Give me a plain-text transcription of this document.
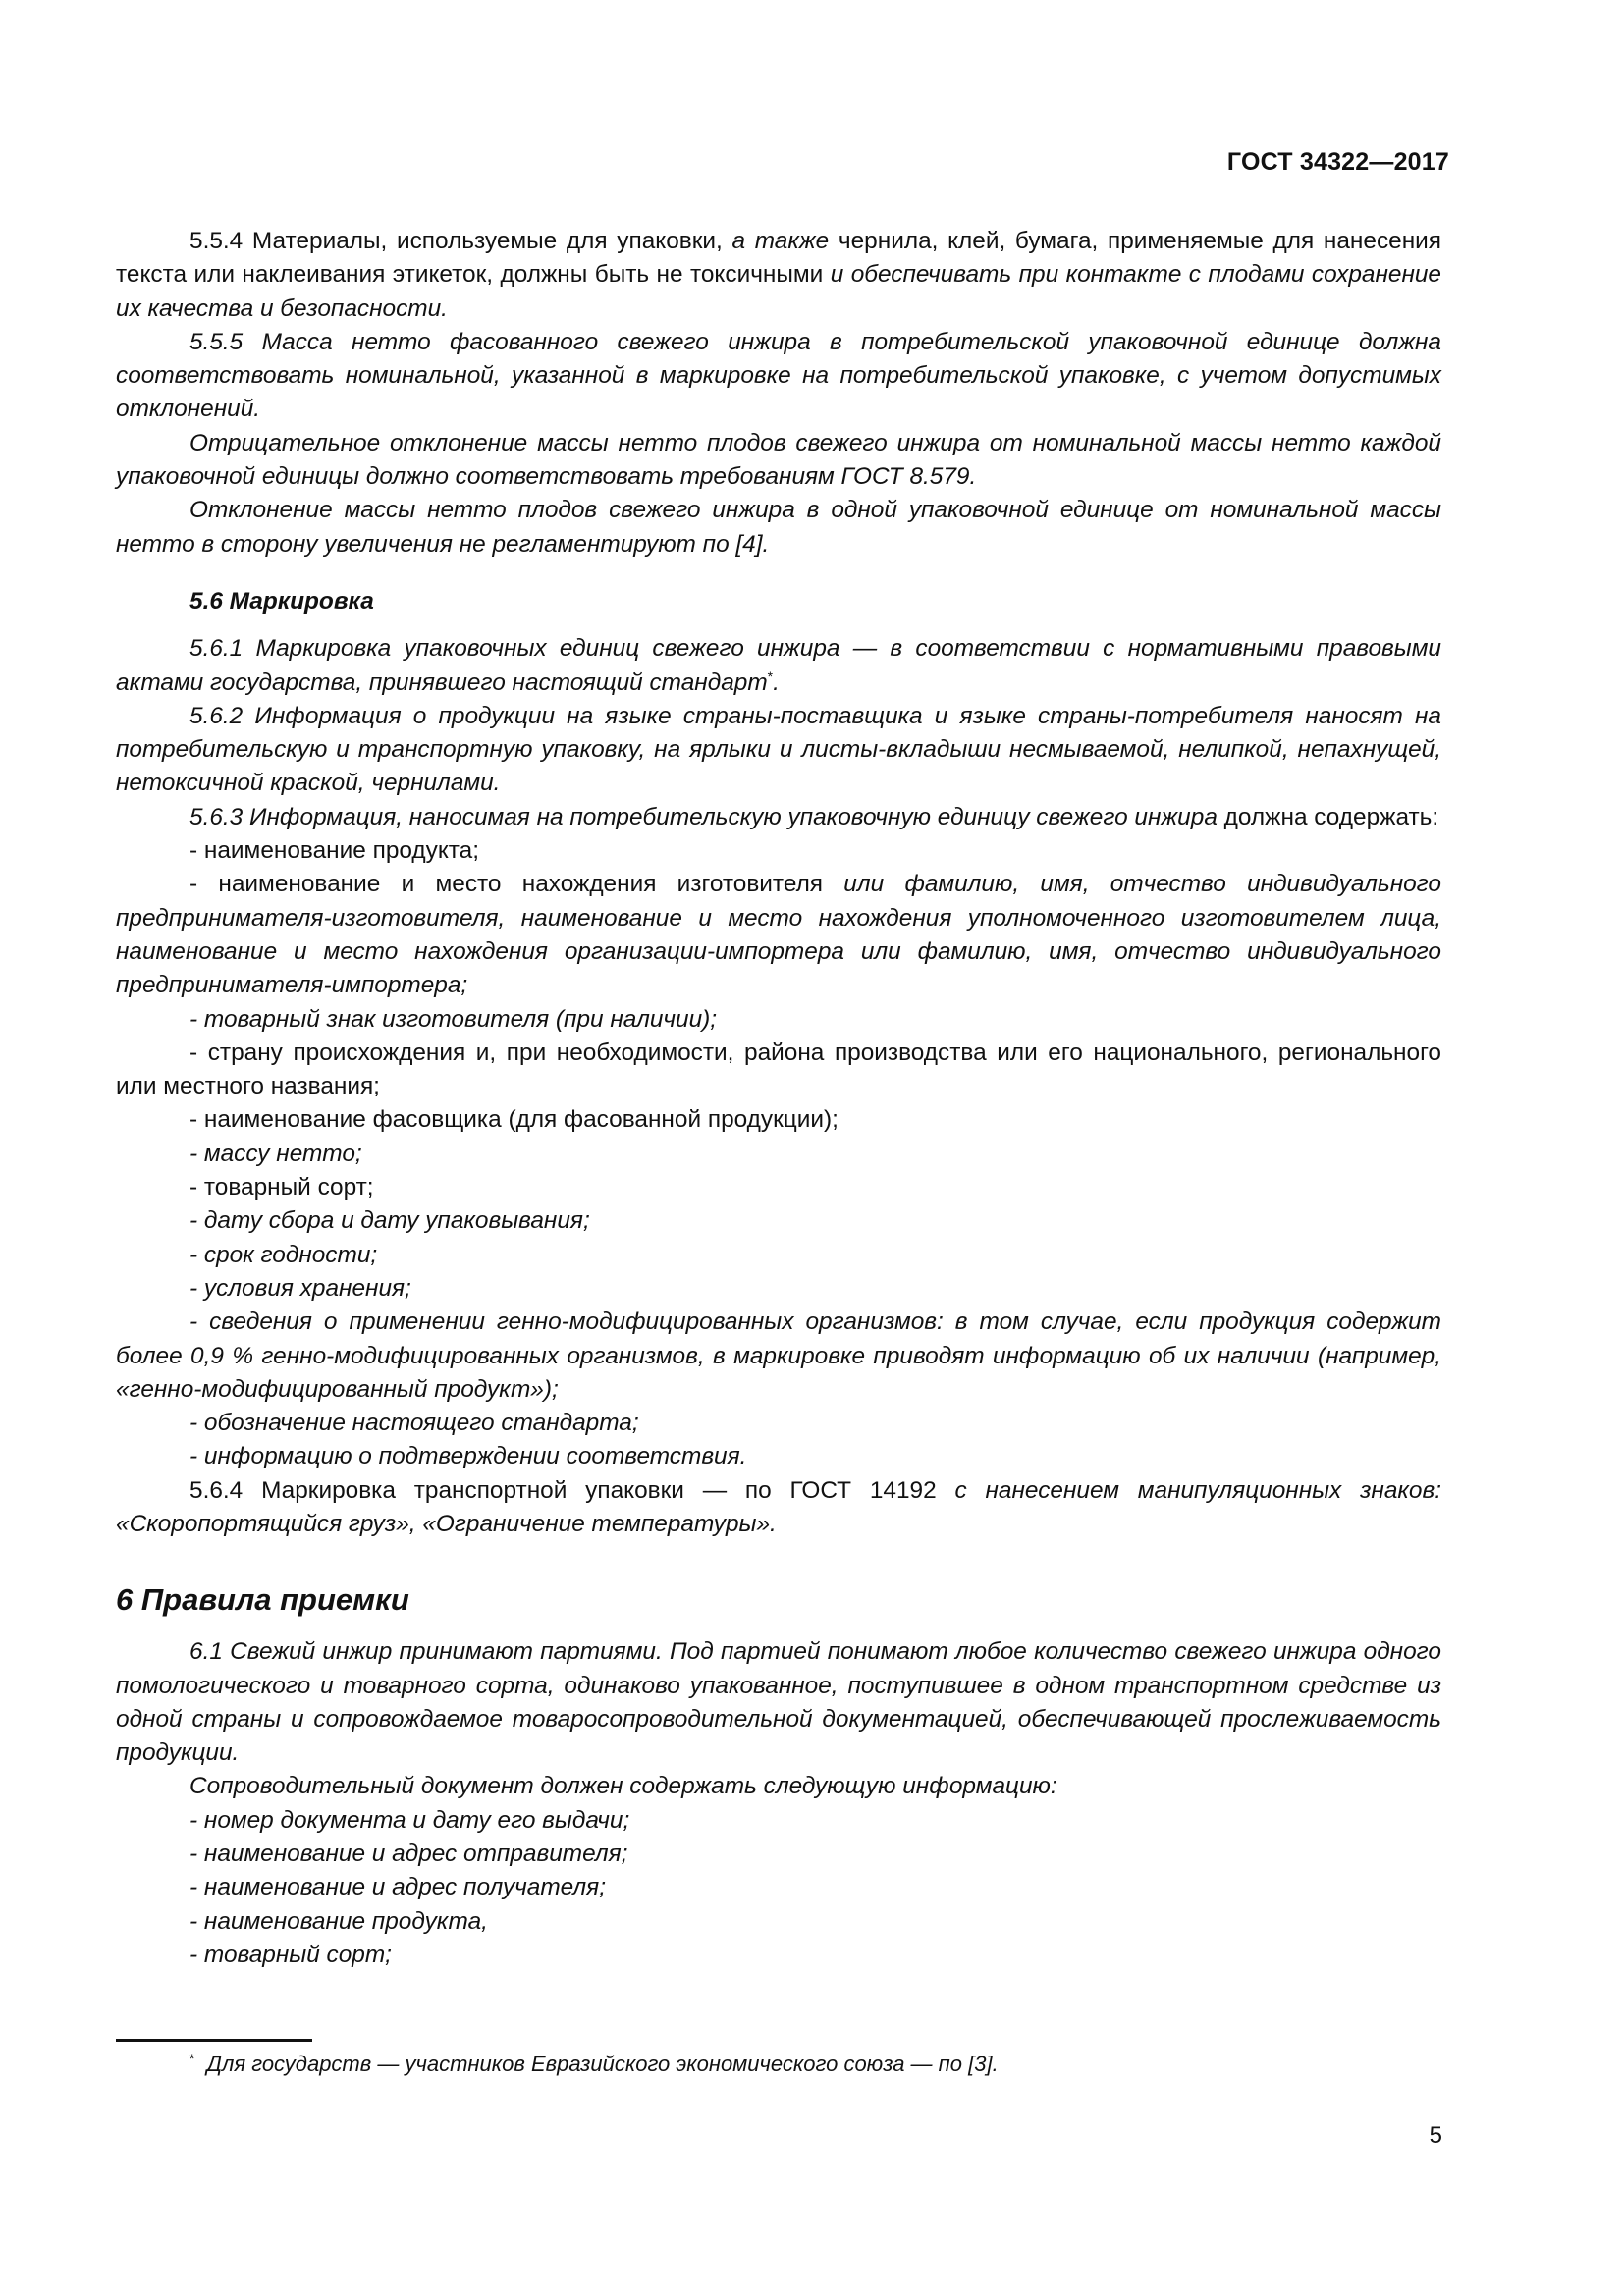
ГОСТ 34322—2017

5.5.4 Материалы, используемые для упаковки, а также чернила, клей, бумага, применяемые для нанесения текста или наклеивания этикеток, должны быть не токсичными и обеспечивать при контакте с плодами сохранение их качества и безопасности.

5.5.5 Масса нетто фасованного свежего инжира в потребительской упаковочной единице должна соответствовать номинальной, указанной в маркировке на потребительской упаковке, с учетом допустимых отклонений.

Отрицательное отклонение массы нетто плодов свежего инжира от номинальной массы нетто каждой упаковочной единицы должно соответствовать требованиям ГОСТ 8.579.

Отклонение массы нетто плодов свежего инжира в одной упаковочной единице от номинальной массы нетто в сторону увеличения не регламентируют по [4].

5.6 Маркировка

5.6.1 Маркировка упаковочных единиц свежего инжира — в соответствии с нормативными правовыми актами государства, принявшего настоящий стандарт*.

5.6.2 Информация о продукции на языке страны-поставщика и языке страны-потребителя наносят на потребительскую и транспортную упаковку, на ярлыки и листы-вкладыши несмываемой, нелипкой, непахнущей, нетоксичной краской, чернилами.

5.6.3 Информация, наносимая на потребительскую упаковочную единицу свежего инжира должна содержать:

- наименование продукта;

- наименование и место нахождения изготовителя или фамилию, имя, отчество индивидуального предпринимателя-изготовителя, наименование и место нахождения уполномоченного изготовителем лица, наименование и место нахождения организации-импортера или фамилию, имя, отчество индивидуального предпринимателя-импортера;

- товарный знак изготовителя (при наличии);

- страну происхождения и, при необходимости, района производства или его национального, регионального или местного названия;

- наименование фасовщика (для фасованной продукции);

- массу нетто;

- товарный сорт;

- дату сбора и дату упаковывания;

- срок годности;

- условия хранения;

- сведения о применении генно-модифицированных организмов: в том случае, если продукция содержит более 0,9 % генно-модифицированных организмов, в маркировке приводят информацию об их наличии (например, «генно-модифицированный продукт»);

- обозначение настоящего стандарта;

- информацию о подтверждении соответствия.

5.6.4 Маркировка транспортной упаковки — по ГОСТ 14192 с нанесением манипуляционных знаков: «Скоропортящийся груз», «Ограничение температуры».

6 Правила приемки

6.1 Свежий инжир принимают партиями. Под партией понимают любое количество свежего инжира одного помологического и товарного сорта, одинаково упакованное, поступившее в одном транспортном средстве из одной страны и сопровождаемое товаросопроводительной документацией, обеспечивающей прослеживаемость продукции.

Сопроводительный документ должен содержать следующую информацию:

- номер документа и дату его выдачи;

- наименование и адрес отправителя;

- наименование и адрес получателя;

- наименование продукта,

- товарный сорт;

* Для государств — участников Евразийского экономического союза — по [3].
5
